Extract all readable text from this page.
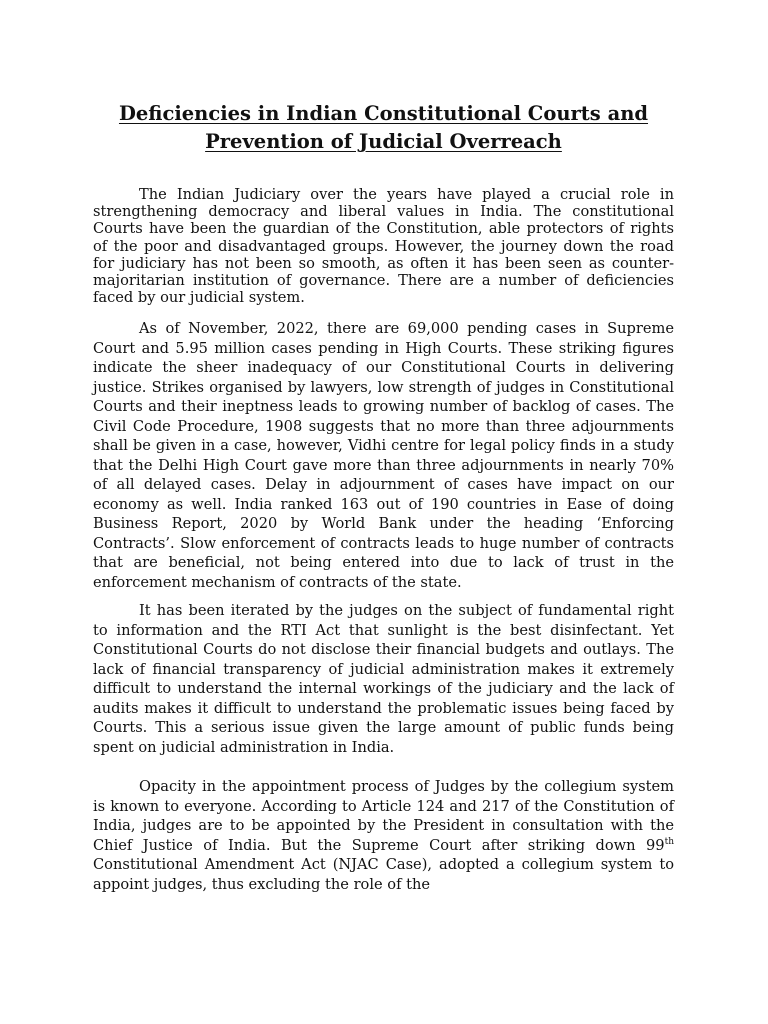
Deficiencies in Indian Constitutional Courts and
Prevention of Judicial Overreach

The Indian Judiciary over the years have played a crucial role in strengthening democracy and liberal values in India. The constitutional Courts have been the guardian of the Constitution, able protectors of rights of the poor and disadvantaged groups. However, the journey down the road for judiciary has not been so smooth, as often it has been seen as counter-majoritarian institution of governance. There are a number of deficiencies faced by our judicial system.

As of November, 2022, there are 69,000 pending cases in Supreme Court and 5.95 million cases pending in High Courts. These striking figures indicate the sheer inadequacy of our Constitutional Courts in delivering justice. Strikes organised by lawyers, low strength of judges in Constitutional Courts and their ineptness leads to growing number of backlog of cases. The Civil Code Procedure, 1908 suggests that no more than three adjournments shall be given in a case, however, Vidhi centre for legal policy finds in a study that the Delhi High Court gave more than three adjournments in nearly 70% of all delayed cases. Delay in adjournment of cases have impact on our economy as well. India ranked 163 out of 190 countries in Ease of doing Business Report, 2020 by World Bank under the heading ‘Enforcing Contracts’. Slow enforcement of contracts leads to huge number of contracts that are beneficial, not being entered into due to lack of trust in the enforcement mechanism of contracts of the state.

It has been iterated by the judges on the subject of fundamental right to information and the RTI Act that sunlight is the best disinfectant. Yet Constitutional Courts do not disclose their financial budgets and outlays. The lack of financial transparency of judicial administration makes it extremely difficult to understand the internal workings of the judiciary and the lack of audits makes it difficult to understand the problematic issues being faced by Courts. This a serious issue given the large amount of public funds being spent on judicial administration in India.

Opacity in the appointment process of Judges by the collegium system is known to everyone. According to Article 124 and 217 of the Constitution of India, judges are to be appointed by the President in consultation with the Chief Justice of India. But the Supreme Court after striking down 99th Constitutional Amendment Act (NJAC Case), adopted a collegium system to appoint judges, thus excluding the role of the
